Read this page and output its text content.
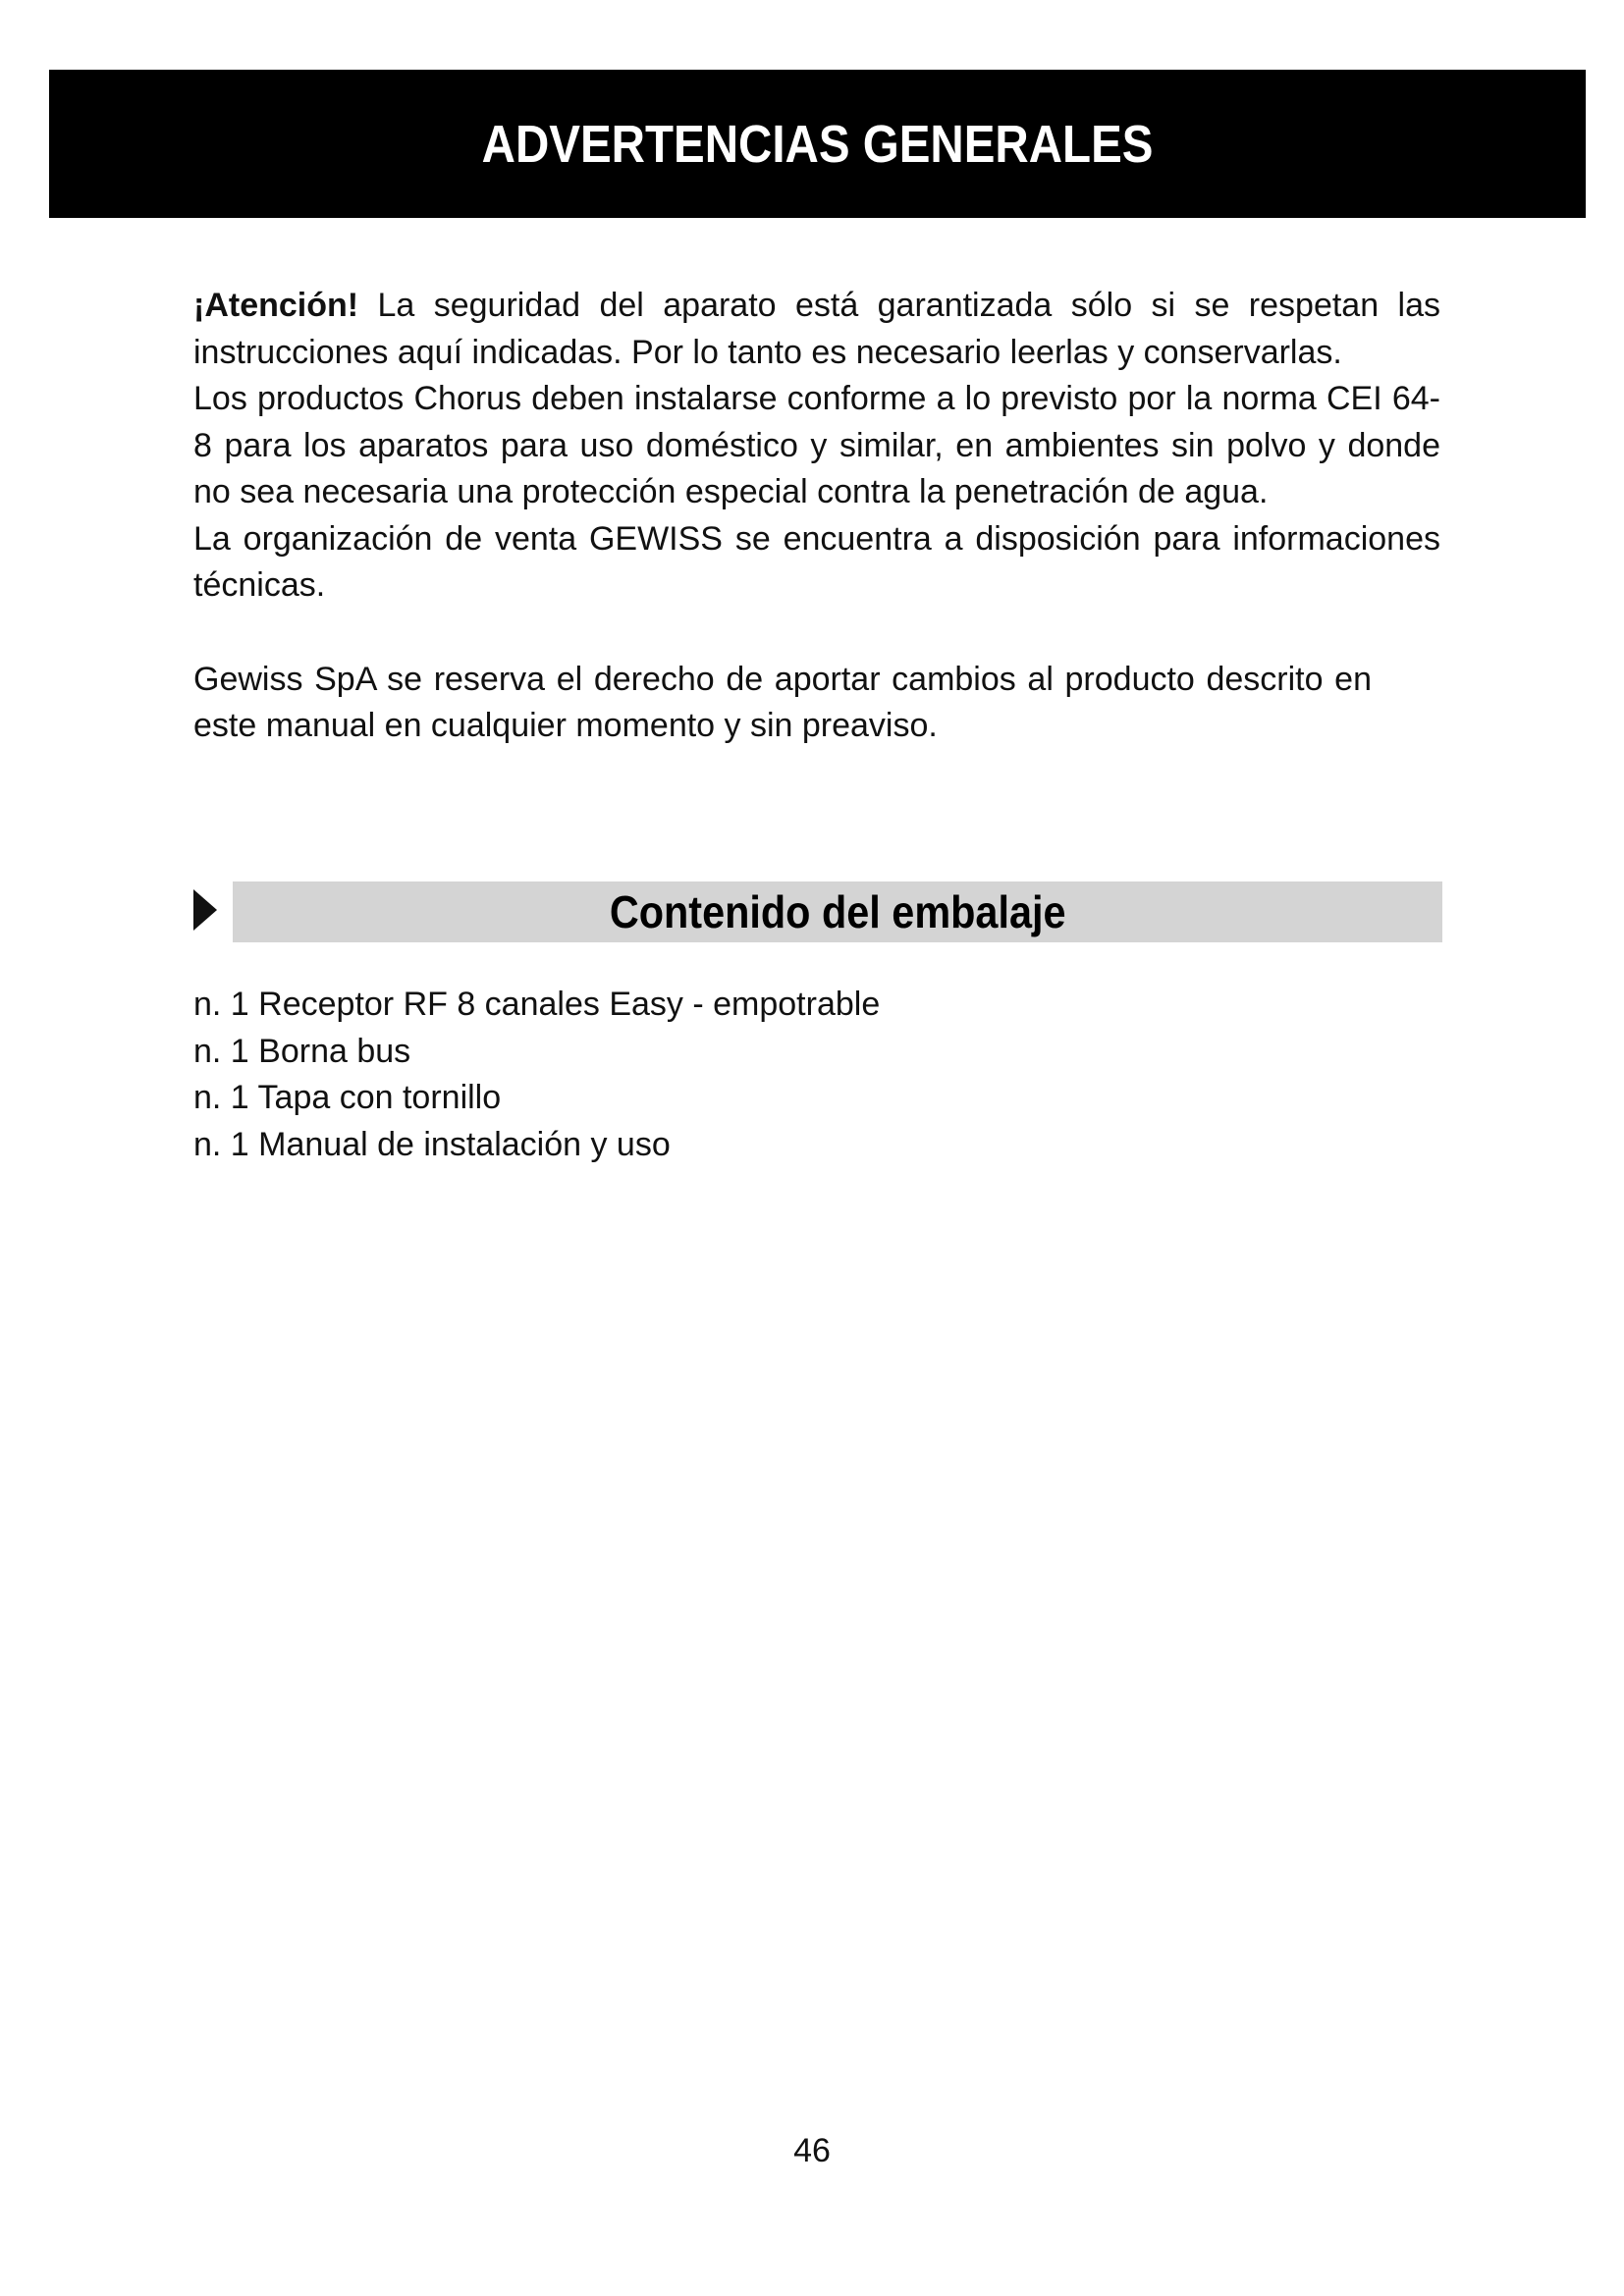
ADVERTENCIAS GENERALES

¡Atención! La seguridad del aparato está garantizada sólo si se respetan las

instrucciones aquí indicadas. Por lo tanto es necesario leerlas y conservarlas.

Los productos Chorus deben instalarse conforme a lo previsto por la norma CEI 64-8 para los aparatos para uso doméstico y similar, en ambientes sin polvo y donde no sea necesaria una protección especial contra la penetración de agua.

La organización de venta GEWISS se encuentra a disposición para informaciones técnicas.

Gewiss SpA se reserva el derecho de aportar cambios al producto descrito en este manual en cualquier momento y sin preaviso.

Contenido del embalaje
n. 1 Receptor RF 8 canales Easy - empotrable
n. 1 Borna bus
n. 1 Tapa con tornillo
n. 1 Manual de instalación y uso
46
